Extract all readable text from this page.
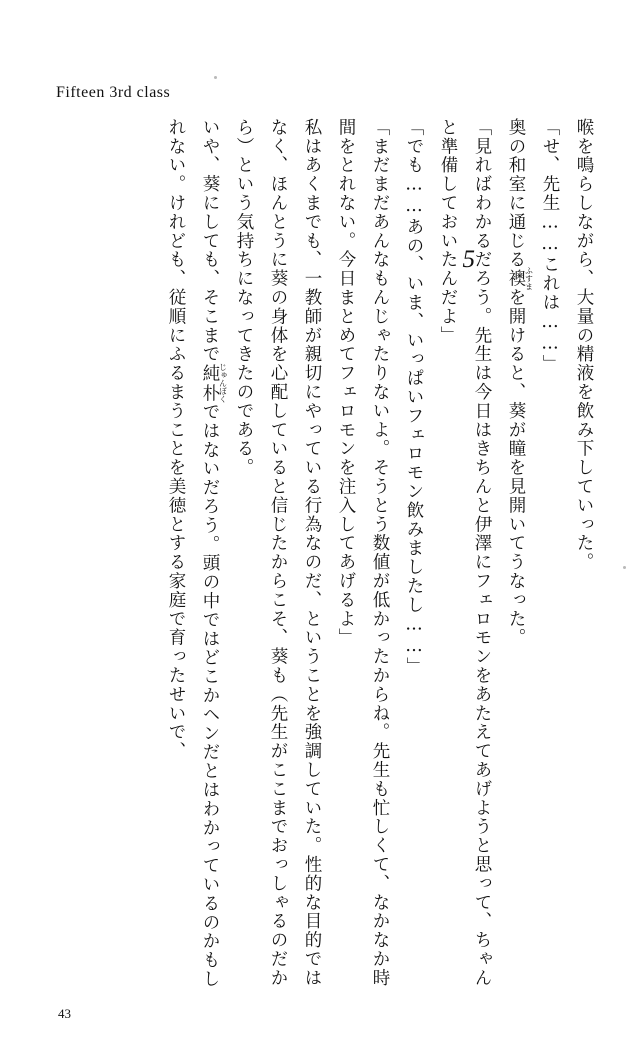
Fifteen 3rd class
5	喉を鳴らしながら、大量の精液を飲み下していった。

「せ、先生……これは……」

奥の和室に通じる襖ふすまを開けると、葵が瞳を見開いてうなった。

「見ればわかるだろう。先生は今日はきちんと伊澤にフェロモンをあたえてあげようと思って、ちゃんと準備しておいたんだよ」

「でも……あの、いま、いっぱいフェロモン飲みましたし……」

「まだまだあんなもんじゃたりないよ。そうとう数値が低かったからね。先生も忙しくて、なかなか時間をとれない。今日まとめてフェロモンを注入してあげるよ」

私はあくまでも、一教師が親切にやっている行為なのだ、ということを強調していた。性的な目的ではなく、ほんとうに葵の身体を心配していると信じたからこそ、葵も（先生がここまでおっしゃるのだから）という気持ちになってきたのである。

いや、葵にしても、そこまで純朴じゅんぼくではないだろう。頭の中ではどこかヘンだとはわかっているのかもしれない。けれども、従順にふるまうことを美徳とする家庭で育ったせいで、

43
